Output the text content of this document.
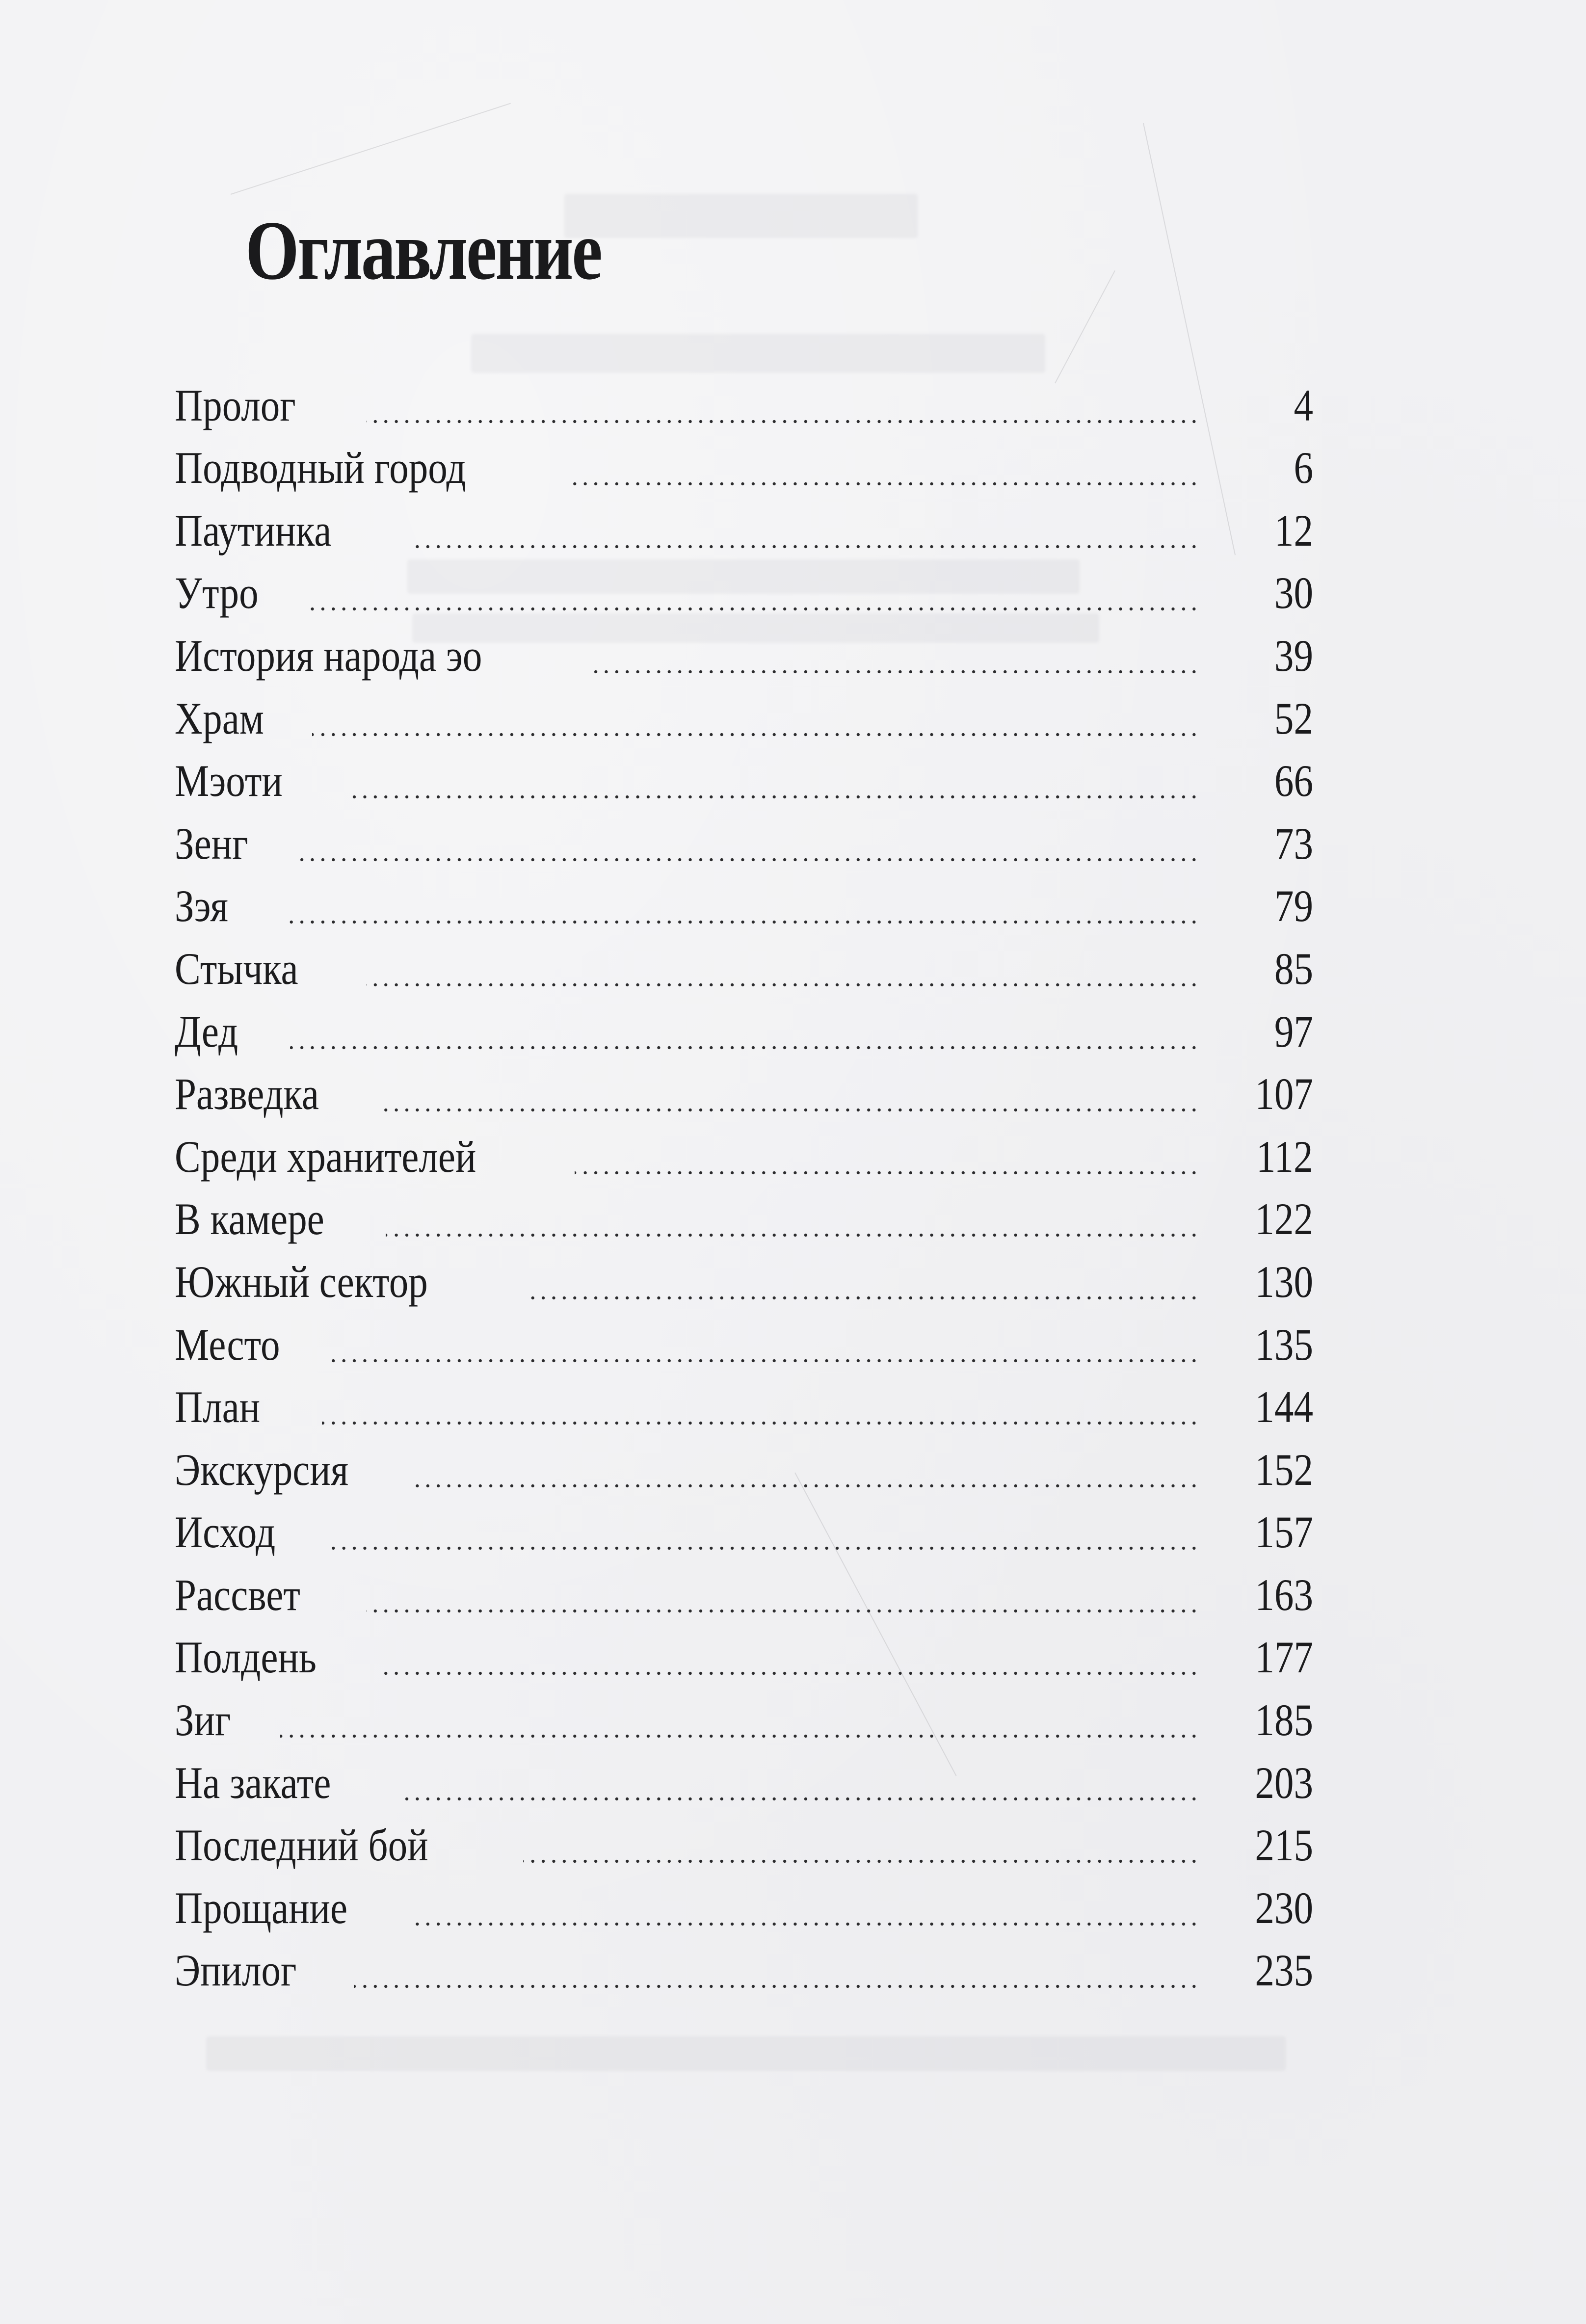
Оглавление
Пролог	4
Подводный город	6
Паутинка	12
Утро	30
История народа эо	39
Храм	52
Мэоти	66
Зенг	73
Зэя	79
Стычка	85
Дед	97
Разведка	107
Среди хранителей	112
В камере	122
Южный сектор	130
Место	135
План	144
Экскурсия	152
Исход	157
Рассвет	163
Полдень	177
Зиг	185
На закате	203
Последний бой	215
Прощание	230
Эпилог	235
